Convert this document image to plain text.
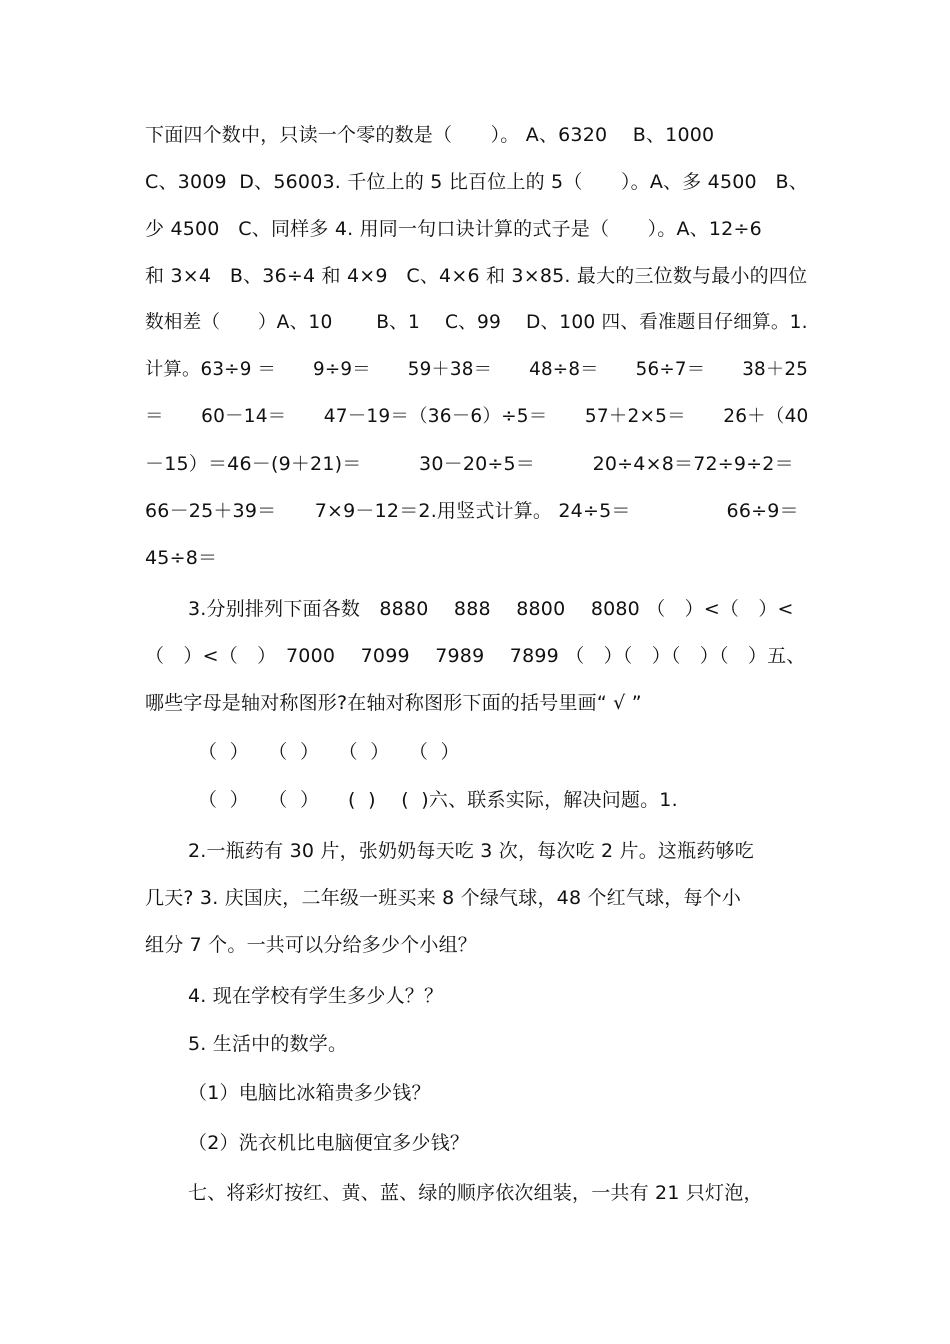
下面四个数中，只读一个零的数是（　　）。 A、6320　 B、1000
C、3009  D、56003. 千位上的 5 比百位上的 5（　　）。A、多 4500   B、
少 4500   C、同样多 4. 用同一句口诀计算的式子是（　　）。A、12÷6
和 3×4   B、36÷4 和 4×9   C、4×6 和 3×85. 最大的三位数与最小的四位
数相差（　　）A、10　　 B、1　 C、99　 D、100 四、看准题目仔细算。1.
计算。63÷9 ＝　　9÷9＝　　59＋38＝　　48÷8＝　　56÷7＝　　38＋25
＝　　60－14＝　　47－19＝（36－6）÷5＝　　57＋2×5＝　　26＋（40
－15）＝46－(9＋21)＝　　　30－20÷5＝　　　20÷4×8＝72÷9÷2＝
66－25＋39＝　　7×9－12＝2.用竖式计算。 24÷5＝　　　　　66÷9＝
45÷8＝
3.分别排列下面各数　8880　 888　 8800　 8080 （　）<（　）<
（　）<（　）　7000　 7099　 7989　 7899 （　）（　）（　）（　）五、
哪些字母是轴对称图形?在轴对称图形下面的括号里画“ √ ”
（  ）　　（  ）　　（  ）　　（  ）
（  ）　　（  ）　　(  )　 (  )六、联系实际，解决问题。1.
2.一瓶药有 30 片，张奶奶每天吃 3 次，每次吃 2 片。这瓶药够吃
几天? 3. 庆国庆，二年级一班买来 8 个绿气球，48 个红气球，每个小
组分 7 个。一共可以分给多少个小组？
4. 现在学校有学生多少人？？
5. 生活中的数学。
（1）电脑比冰箱贵多少钱？
（2）洗衣机比电脑便宜多少钱？
七、将彩灯按红、黄、蓝、绿的顺序依次组装，一共有 21 只灯泡，
